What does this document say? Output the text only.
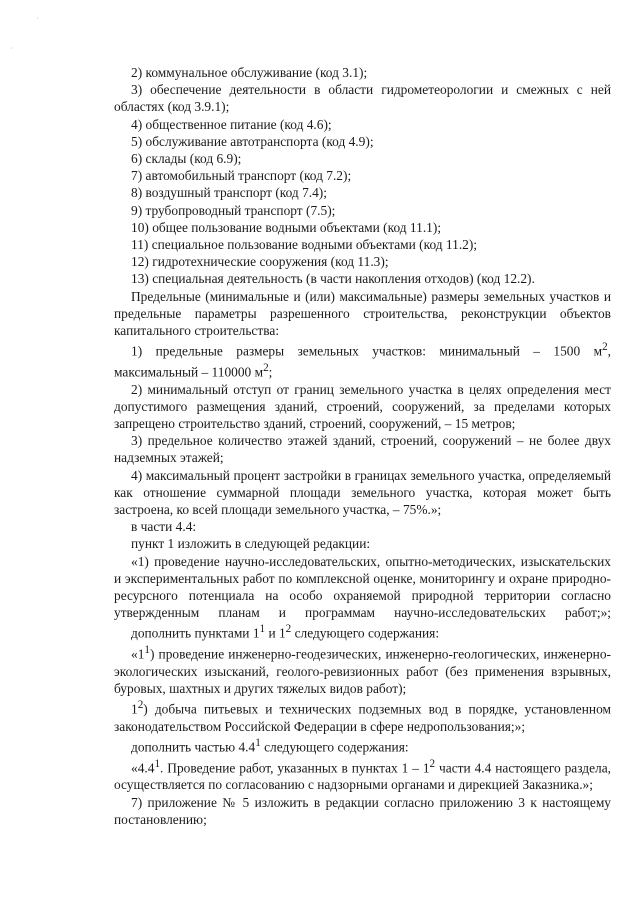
·
·

2) коммунальное обслуживание (код 3.1);

3) обеспечение деятельности в области гидрометеорологии и смежных с ней областях (код 3.9.1);

4) общественное питание (код 4.6);

5) обслуживание автотранспорта (код 4.9);

6) склады (код 6.9);

7) автомобильный транспорт (код 7.2);

8) воздушный транспорт (код 7.4);

9) трубопроводный транспорт (7.5);

10) общее пользование водными объектами (код 11.1);

11) специальное пользование водными объектами (код 11.2);

12) гидротехнические сооружения (код 11.3);

13) специальная деятельность (в части накопления отходов) (код 12.2).

Предельные (минимальные и (или) максимальные) размеры земельных участков и предельные параметры разрешенного строительства, реконструкции объектов капитального строительства:

1) предельные размеры земельных участков: минимальный – 1500 $м^2$, максимальный – 110000 $м^2$;

2) минимальный отступ от границ земельного участка в целях определения мест допустимого размещения зданий, строений, сооружений, за пределами которых запрещено строительство зданий, строений, сооружений, – 15 метров;

3) предельное количество этажей зданий, строений, сооружений – не более двух надземных этажей;

4) максимальный процент застройки в границах земельного участка, определяемый как отношение суммарной площади земельного участка, которая может быть застроена, ко всей площади земельного участка, – 75%.»;

в части 4.4:

пункт 1 изложить в следующей редакции:

«1) проведение научно-исследовательских, опытно-методических, изыскательских и экспериментальных работ по комплексной оценке, мониторингу и охране природно-ресурсного потенциала на особо охраняемой природной территории согласно утвержденным планам и программам научно-исследовательских работ;»;

дополнить пунктами $1^1$ и $1^2$ следующего содержания:

«$1^1$) проведение инженерно-геодезических, инженерно-геологических, инженерно-экологических изысканий, геолого-ревизионных работ (без применения взрывных, буровых, шахтных и других тяжелых видов работ);

$1^2$) добыча питьевых и технических подземных вод в порядке, установленном законодательством Российской Федерации в сфере недропользования;»;

дополнить частью $4.4^1$ следующего содержания:

«$4.4^1$. Проведение работ, указанных в пунктах $1 - 1^2$ части 4.4 настоящего раздела, осуществляется по согласованию с надзорными органами и дирекцией Заказника.»;

7) приложение № 5 изложить в редакции согласно приложению 3 к настоящему постановлению;
